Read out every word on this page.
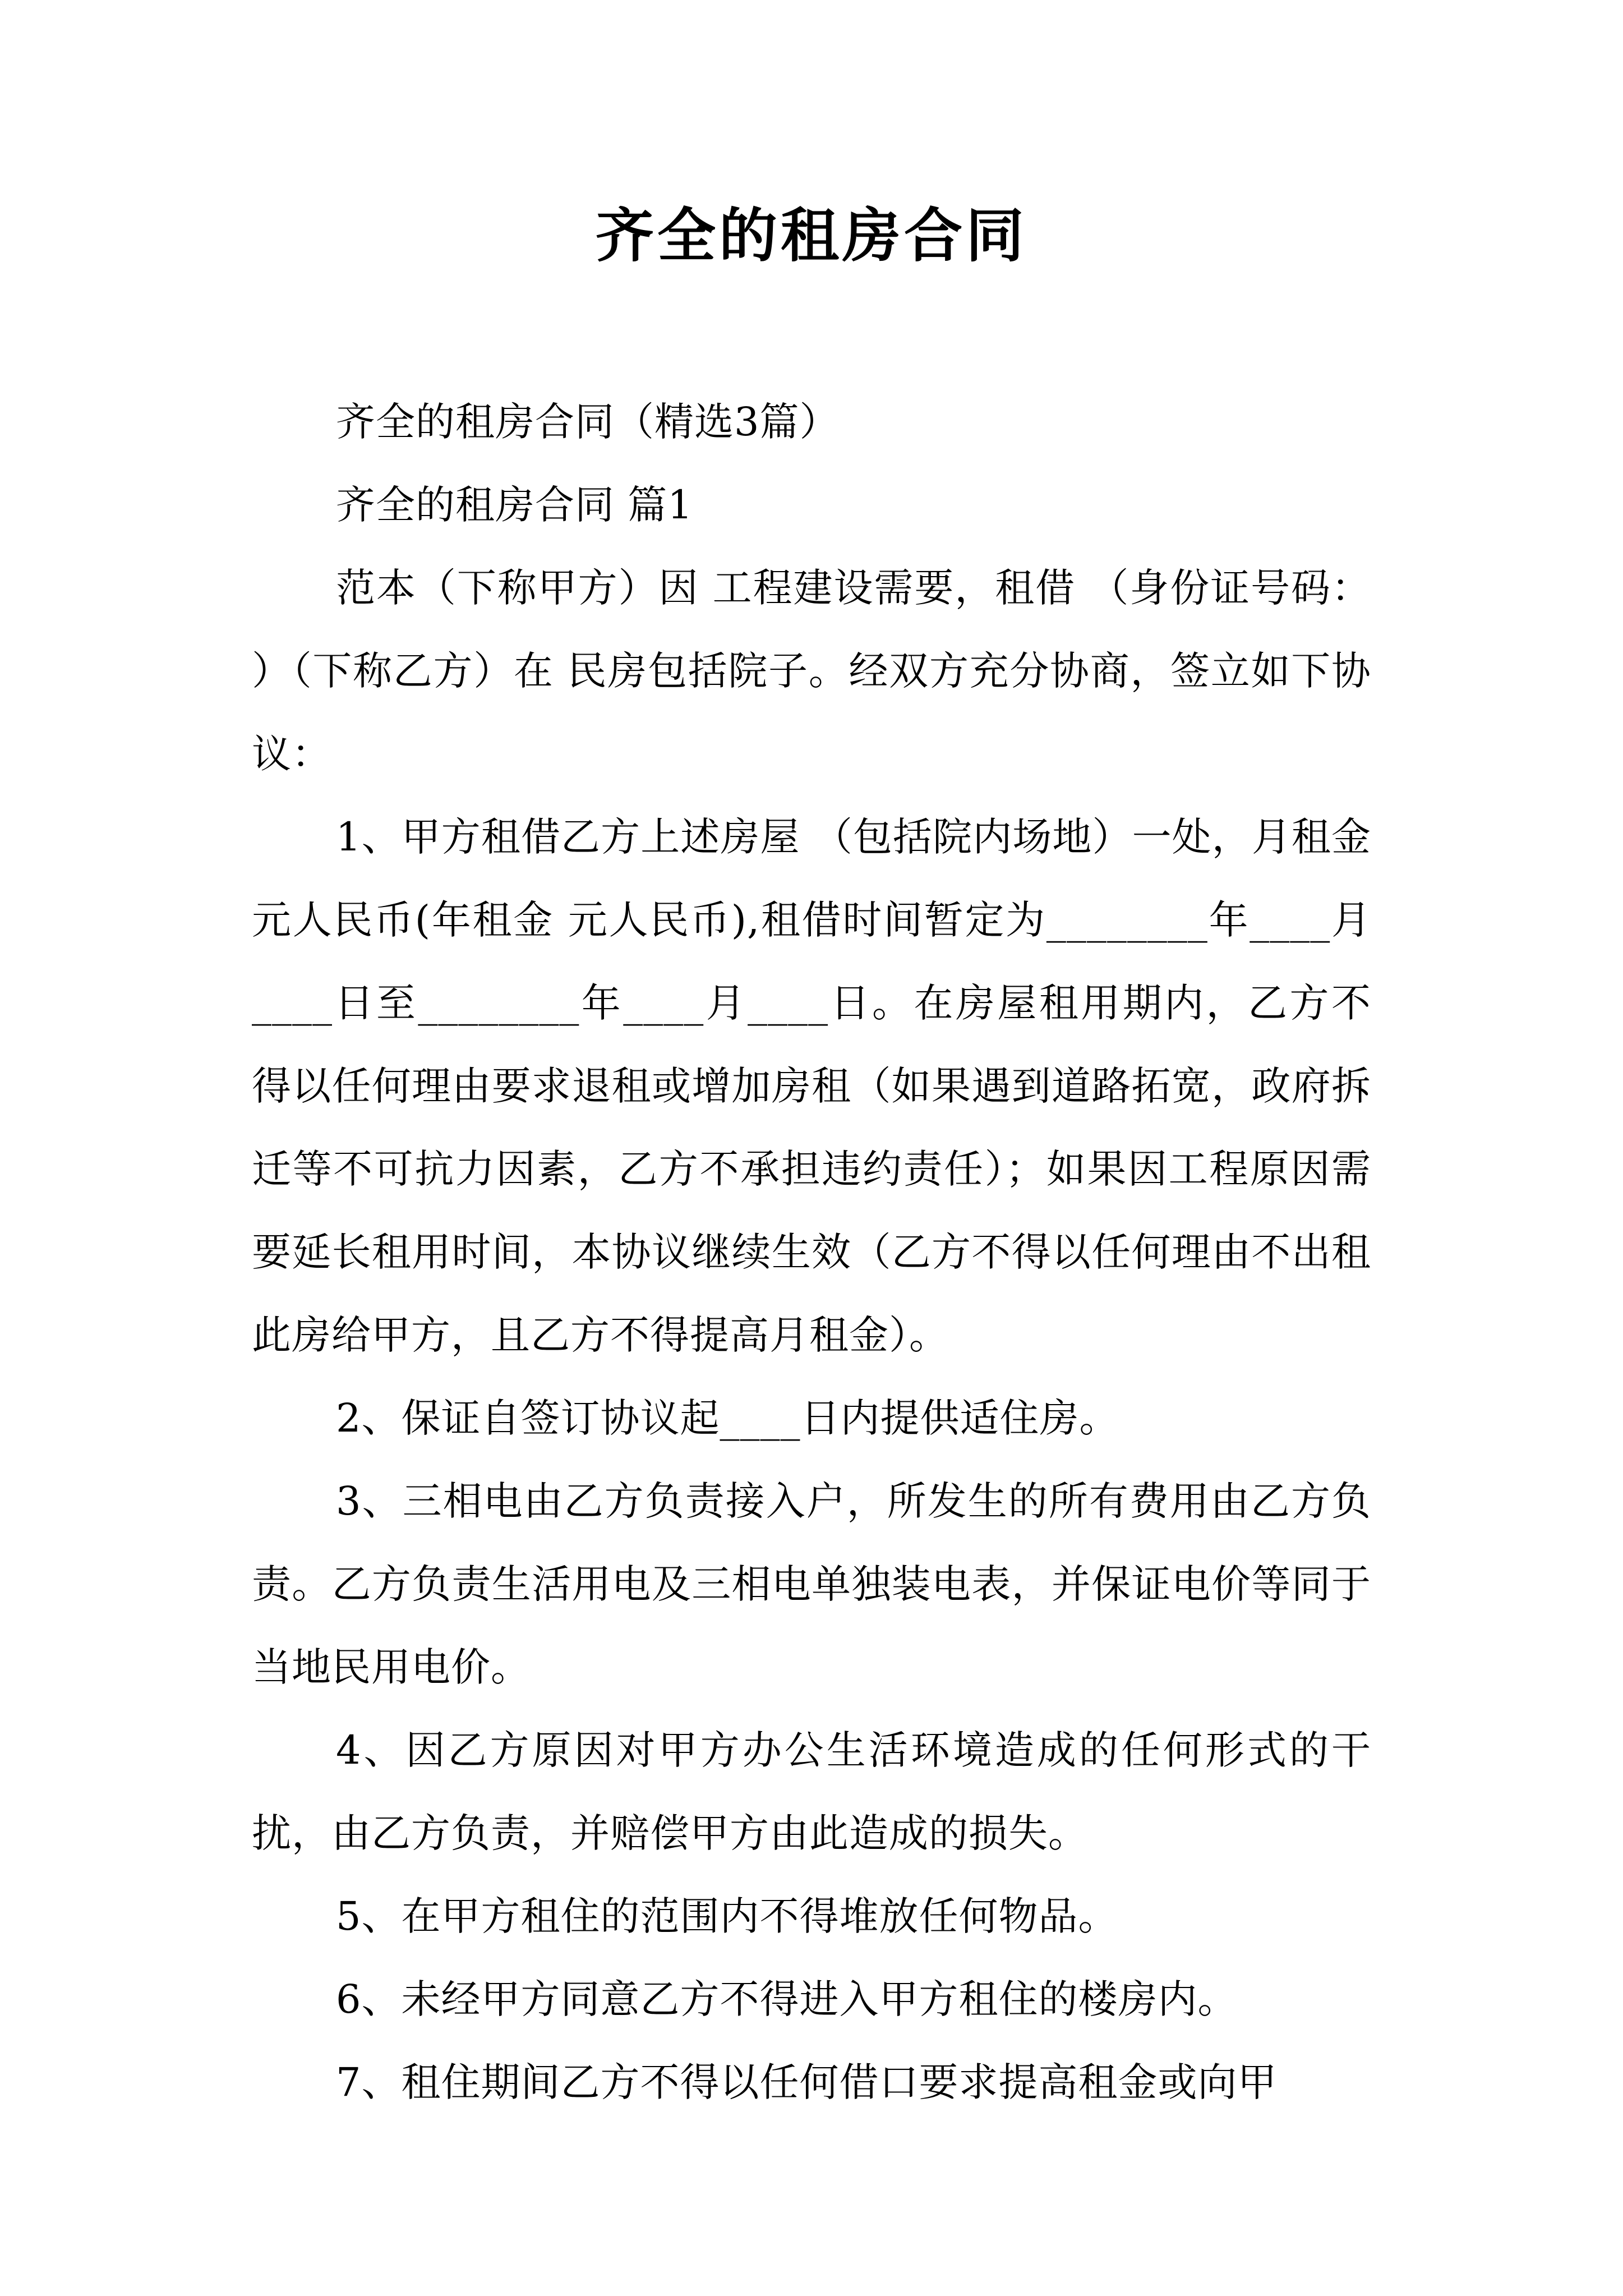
齐全的租房合同

齐全的租房合同（精选3篇）

齐全的租房合同 篇1

范本（下称甲方）因 工程建设需要，租借 （身份证号码： ）（下称乙方）在 民房包括院子。经双方充分协商，签立如下协议：

1、甲方租借乙方上述房屋 （包括院内场地）一处，月租金元人民币(年租金 元人民币),租借时间暂定为________年____月____日至________年____月____日。在房屋租用期内，乙方不得以任何理由要求退租或增加房租（如果遇到道路拓宽，政府拆迁等不可抗力因素，乙方不承担违约责任）；如果因工程原因需要延长租用时间，本协议继续生效（乙方不得以任何理由不出租此房给甲方，且乙方不得提高月租金）。

2、保证自签订协议起____日内提供适住房。

3、三相电由乙方负责接入户，所发生的所有费用由乙方负责。乙方负责生活用电及三相电单独装电表，并保证电价等同于当地民用电价。

4、因乙方原因对甲方办公生活环境造成的任何形式的干扰，由乙方负责，并赔偿甲方由此造成的损失。

5、在甲方租住的范围内不得堆放任何物品。

6、未经甲方同意乙方不得进入甲方租住的楼房内。

7、租住期间乙方不得以任何借口要求提高租金或向甲
